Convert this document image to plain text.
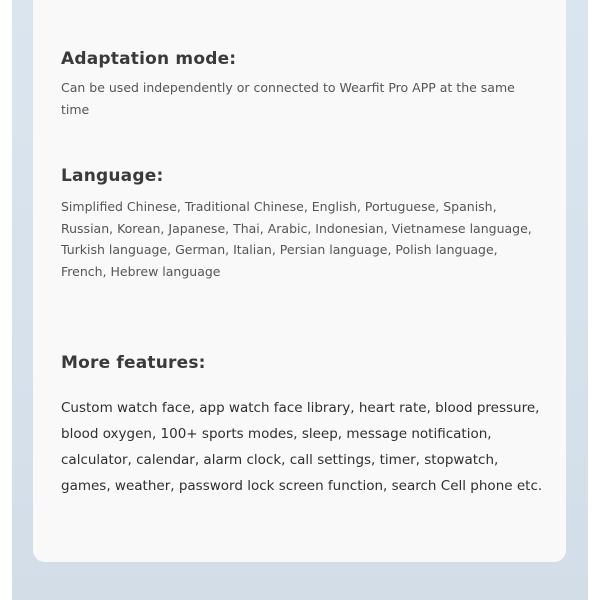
Adaptation mode:

Can be used independently or connected to Wearfit Pro APP at the same time

Language:

Simplified Chinese, Traditional Chinese, English, Portuguese, Spanish, Russian, Korean, Japanese, Thai, Arabic, Indonesian, Vietnamese language, Turkish language, German, Italian, Persian language, Polish language, French, Hebrew language

More features:

Custom watch face, app watch face library, heart rate, blood pressure, blood oxygen, 100+ sports modes, sleep, message notification, calculator, calendar, alarm clock, call settings, timer, stopwatch, games, weather, password lock screen function, search Cell phone etc.
